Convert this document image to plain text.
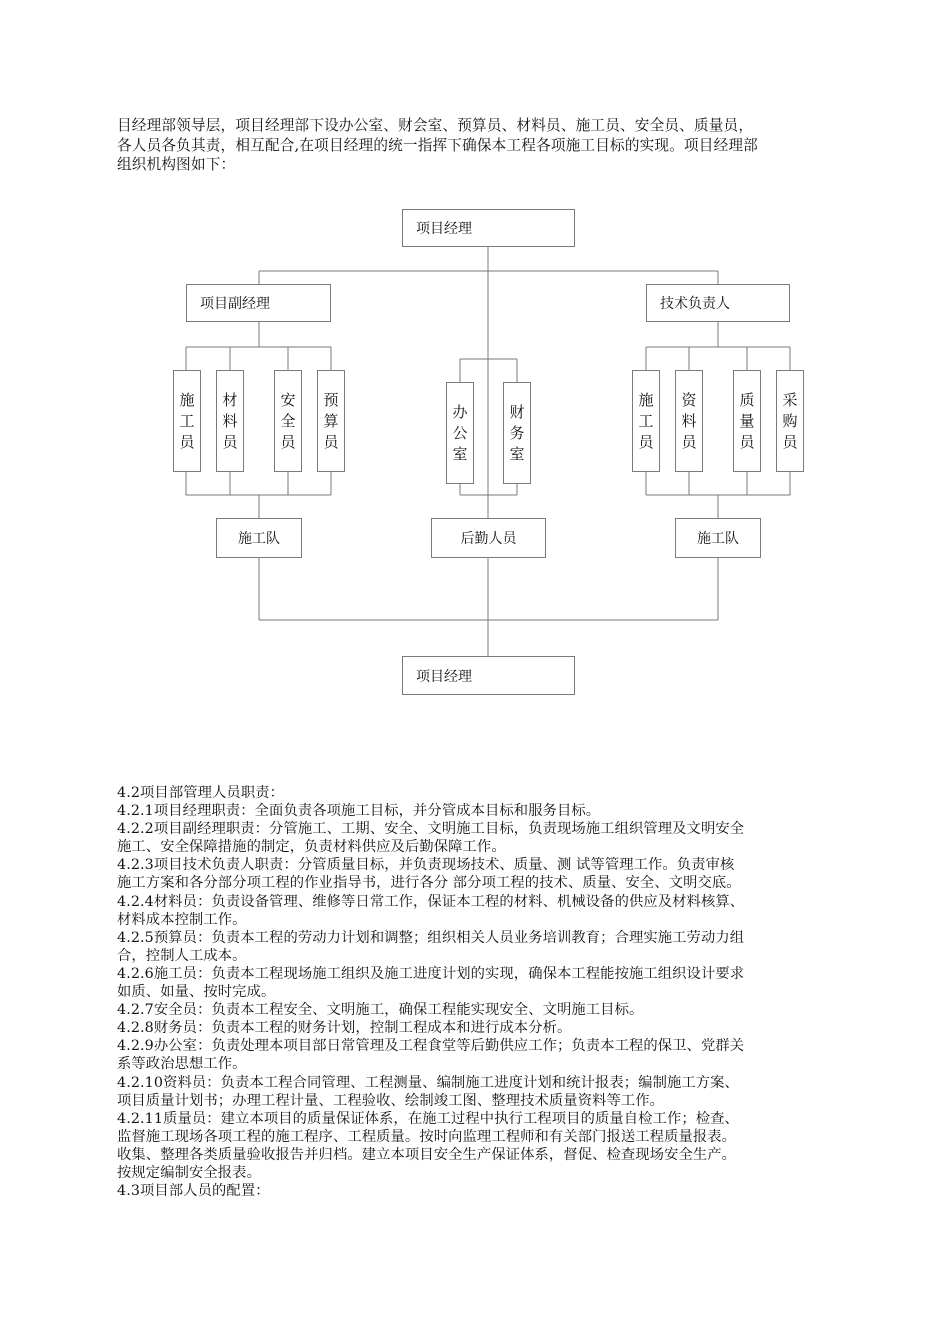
目经理部领导层，项目经理部下设办公室、财会室、预算员、材料员、施工员、安全员、质量员，
各人员各负其责，相互配合,在项目经理的统一指挥下确保本工程各项施工目标的实现。项目经理部
组织机构图如下：
项目经理
项目副经理	技术负责人
施
工
员
材
料
员
安
全
员
预
算
员
办
公
室
财
务
室
施
工
员
资
料
员
质
量
员
采
购
员
施工队	后勤人员	施工队
项目经理
4.2项目部管理人员职责：
4.2.1项目经理职责：全面负责各项施工目标，并分管成本目标和服务目标。
4.2.2项目副经理职责：分管施工、工期、安全、文明施工目标，负责现场施工组织管理及文明安全
施工、安全保障措施的制定，负责材料供应及后勤保障工作。
4.2.3项目技术负责人职责：分管质量目标，并负责现场技术、质量、测 试等管理工作。负责审核
施工方案和各分部分项工程的作业指导书，进行各分 部分项工程的技术、质量、安全、文明交底。
4.2.4材料员：负责设备管理、维修等日常工作，保证本工程的材料、机械设备的供应及材料核算、
材料成本控制工作。
4.2.5预算员：负责本工程的劳动力计划和调整；组织相关人员业务培训教育；合理实施工劳动力组
合，控制人工成本。
4.2.6施工员：负责本工程现场施工组织及施工进度计划的实现，确保本工程能按施工组织设计要求
如质、如量、按时完成。
4.2.7安全员：负责本工程安全、文明施工，确保工程能实现安全、文明施工目标。
4.2.8财务员：负责本工程的财务计划，控制工程成本和进行成本分析。
4.2.9办公室：负责处理本项目部日常管理及工程食堂等后勤供应工作；负责本工程的保卫、党群关
系等政治思想工作。
4.2.10资料员：负责本工程合同管理、工程测量、编制施工进度计划和统计报表；编制施工方案、
项目质量计划书；办理工程计量、工程验收、绘制竣工图、整理技术质量资料等工作。
4.2.11质量员：建立本项目的质量保证体系，在施工过程中执行工程项目的质量自检工作；检查、
监督施工现场各项工程的施工程序、工程质量。按时向监理工程师和有关部门报送工程质量报表。
收集、整理各类质量验收报告并归档。建立本项目安全生产保证体系，督促、检查现场安全生产。
按规定编制安全报表。
4.3项目部人员的配置：
